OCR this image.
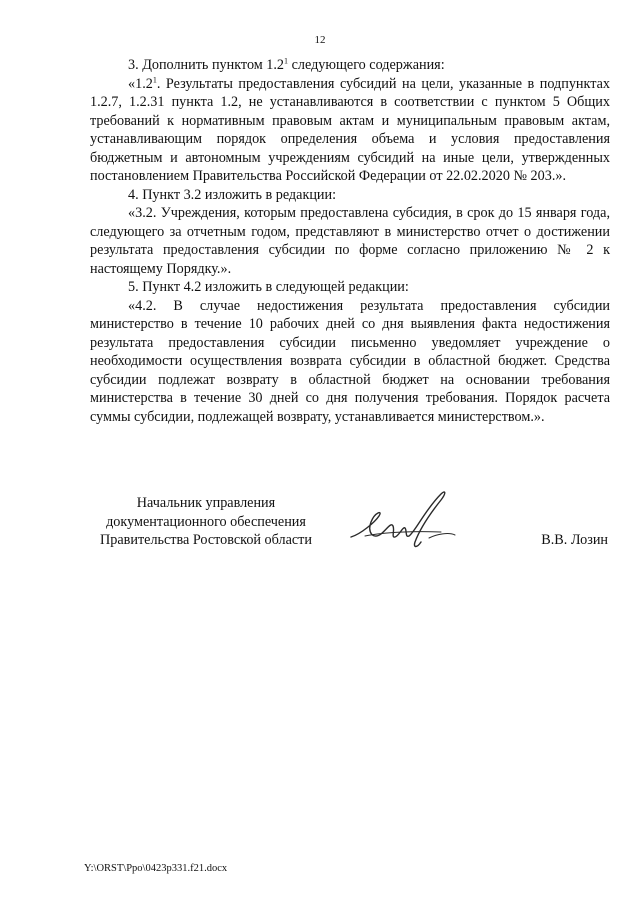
12

3. Дополнить пунктом $1.2^1$ следующего содержания:

«$1.2^1$. Результаты предоставления субсидий на цели, указанные в подпунктах 1.2.7, 1.2.31 пункта 1.2, не устанавливаются в соответствии с пунктом 5 Общих требований к нормативным правовым актам и муниципальным правовым актам, устанавливающим порядок определения объема и условия предоставления бюджетным и автономным учреждениям субсидий на иные цели, утвержденных постановлением Правительства Российской Федерации от 22.02.2020 № 203.».

4. Пункт 3.2 изложить в редакции:

«3.2. Учреждения, которым предоставлена субсидия, в срок до 15 января года, следующего за отчетным годом, представляют в министерство отчет о достижении результата предоставления субсидии по форме согласно приложению № 2 к настоящему Порядку.».

5. Пункт 4.2 изложить в следующей редакции:

«4.2. В случае недостижения результата предоставления субсидии министерство в течение 10 рабочих дней со дня выявления факта недостижения результата предоставления субсидии письменно уведомляет учреждение о необходимости осуществления возврата субсидии в областной бюджет. Средства субсидии подлежат возврату в областной бюджет на основании требования министерства в течение 30 дней со дня получения требования. Порядок расчета суммы субсидии, подлежащей возврату, устанавливается министерством.».

Начальник управления
документационного обеспечения
Правительства Ростовской области	В.В. Лозин
Y:\ORST\Ppo\0423p331.f21.docx
